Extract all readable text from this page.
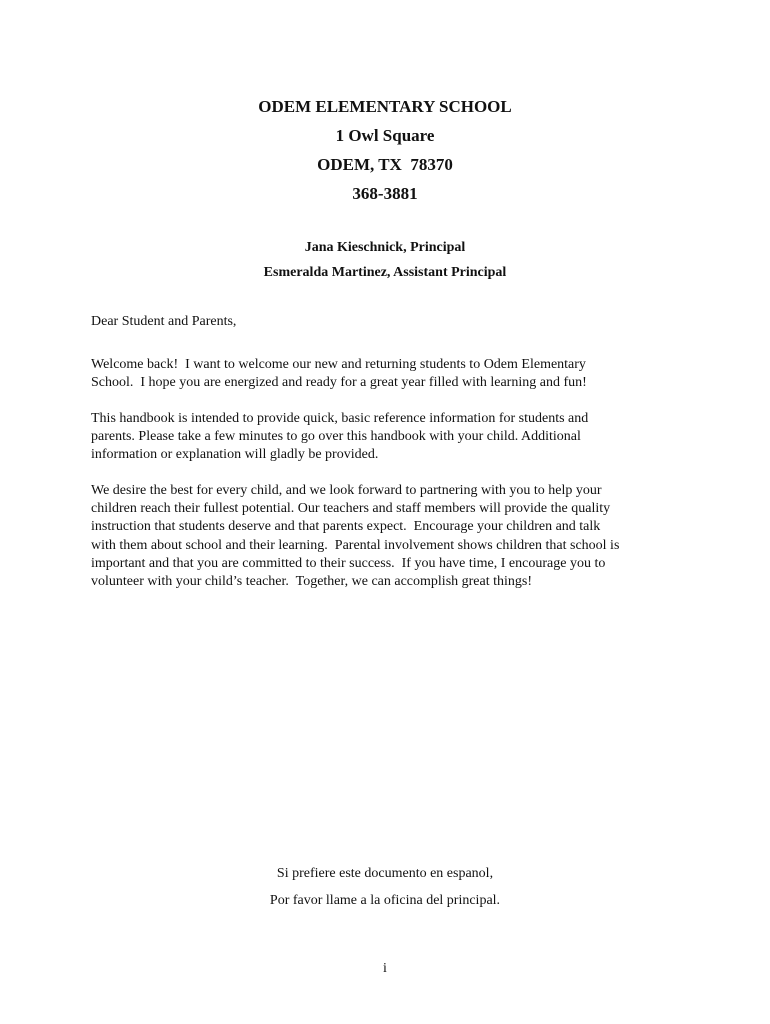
ODEM ELEMENTARY SCHOOL
1 Owl Square
ODEM, TX  78370
368-3881
Jana Kieschnick, Principal
Esmeralda Martinez, Assistant Principal
Dear Student and Parents,
Welcome back!  I want to welcome our new and returning students to Odem Elementary
School.  I hope you are energized and ready for a great year filled with learning and fun!
This handbook is intended to provide quick, basic reference information for students and
parents. Please take a few minutes to go over this handbook with your child. Additional
information or explanation will gladly be provided.
We desire the best for every child, and we look forward to partnering with you to help your
children reach their fullest potential. Our teachers and staff members will provide the quality
instruction that students deserve and that parents expect.  Encourage your children and talk
with them about school and their learning.  Parental involvement shows children that school is
important and that you are committed to their success.  If you have time, I encourage you to
volunteer with your child’s teacher.  Together, we can accomplish great things!
Si prefiere este documento en espanol,
Por favor llame a la oficina del principal.
i
